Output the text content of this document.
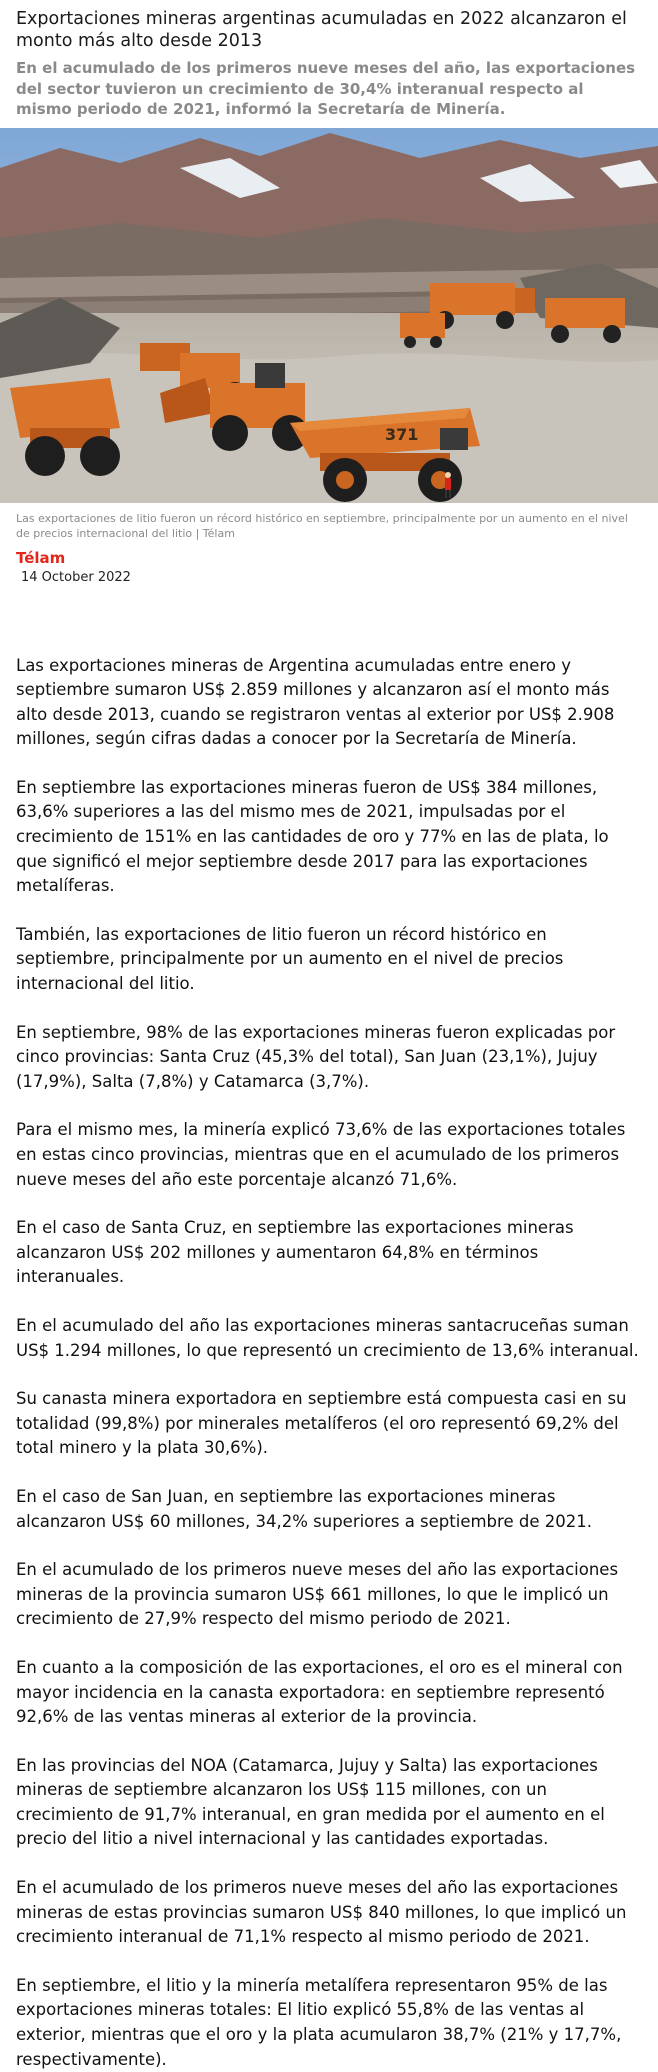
Exportaciones mineras argentinas acumuladas en 2022 alcanzaron el monto más alto desde 2013

En el acumulado de los primeros nueve meses del año, las exportaciones del sector tuvieron un crecimiento de 30,4% interanual respecto al mismo periodo de 2021, informó la Secretaría de Minería.

371

Las exportaciones de litio fueron un récord histórico en septiembre, principalmente por un aumento en el nivel de precios internacional del litio | Télam

Télam

14 October 2022

Las exportaciones mineras de Argentina acumuladas entre enero y septiembre sumaron US$ 2.859 millones y alcanzaron así el monto más alto desde 2013, cuando se registraron ventas al exterior por US$ 2.908 millones, según cifras dadas a conocer por la Secretaría de Minería.

En septiembre las exportaciones mineras fueron de US$ 384 millones, 63,6% superiores a las del mismo mes de 2021, impulsadas por el crecimiento de 151% en las cantidades de oro y 77% en las de plata, lo que significó el mejor septiembre desde 2017 para las exportaciones metalíferas.

También, las exportaciones de litio fueron un récord histórico en septiembre, principalmente por un aumento en el nivel de precios internacional del litio.

En septiembre, 98% de las exportaciones mineras fueron explicadas por cinco provincias: Santa Cruz (45,3% del total), San Juan (23,1%), Jujuy (17,9%), Salta (7,8%) y Catamarca (3,7%).

Para el mismo mes, la minería explicó 73,6% de las exportaciones totales en estas cinco provincias, mientras que en el acumulado de los primeros nueve meses del año este porcentaje alcanzó 71,6%.

En el caso de Santa Cruz, en septiembre las exportaciones mineras alcanzaron US$ 202 millones y aumentaron 64,8% en términos interanuales.

En el acumulado del año las exportaciones mineras santacruceñas suman US$ 1.294 millones, lo que representó un crecimiento de 13,6% interanual.

Su canasta minera exportadora en septiembre está compuesta casi en su totalidad (99,8%) por minerales metalíferos (el oro representó 69,2% del total minero y la plata 30,6%).

En el caso de San Juan, en septiembre las exportaciones mineras alcanzaron US$ 60 millones, 34,2% superiores a septiembre de 2021.

En el acumulado de los primeros nueve meses del año las exportaciones mineras de la provincia sumaron US$ 661 millones, lo que le implicó un crecimiento de 27,9% respecto del mismo periodo de 2021.

En cuanto a la composición de las exportaciones, el oro es el mineral con mayor incidencia en la canasta exportadora: en septiembre representó 92,6% de las ventas mineras al exterior de la provincia.

En las provincias del NOA (Catamarca, Jujuy y Salta) las exportaciones mineras de septiembre alcanzaron los US$ 115 millones, con un crecimiento de 91,7% interanual, en gran medida por el aumento en el precio del litio a nivel internacional y las cantidades exportadas.

En el acumulado de los primeros nueve meses del año las exportaciones mineras de estas provincias sumaron US$ 840 millones, lo que implicó un crecimiento interanual de 71,1% respecto al mismo periodo de 2021.

En septiembre, el litio y la minería metalífera representaron 95% de las exportaciones mineras totales: El litio explicó 55,8% de las ventas al exterior, mientras que el oro y la plata acumularon 38,7% (21% y 17,7%, respectivamente).
